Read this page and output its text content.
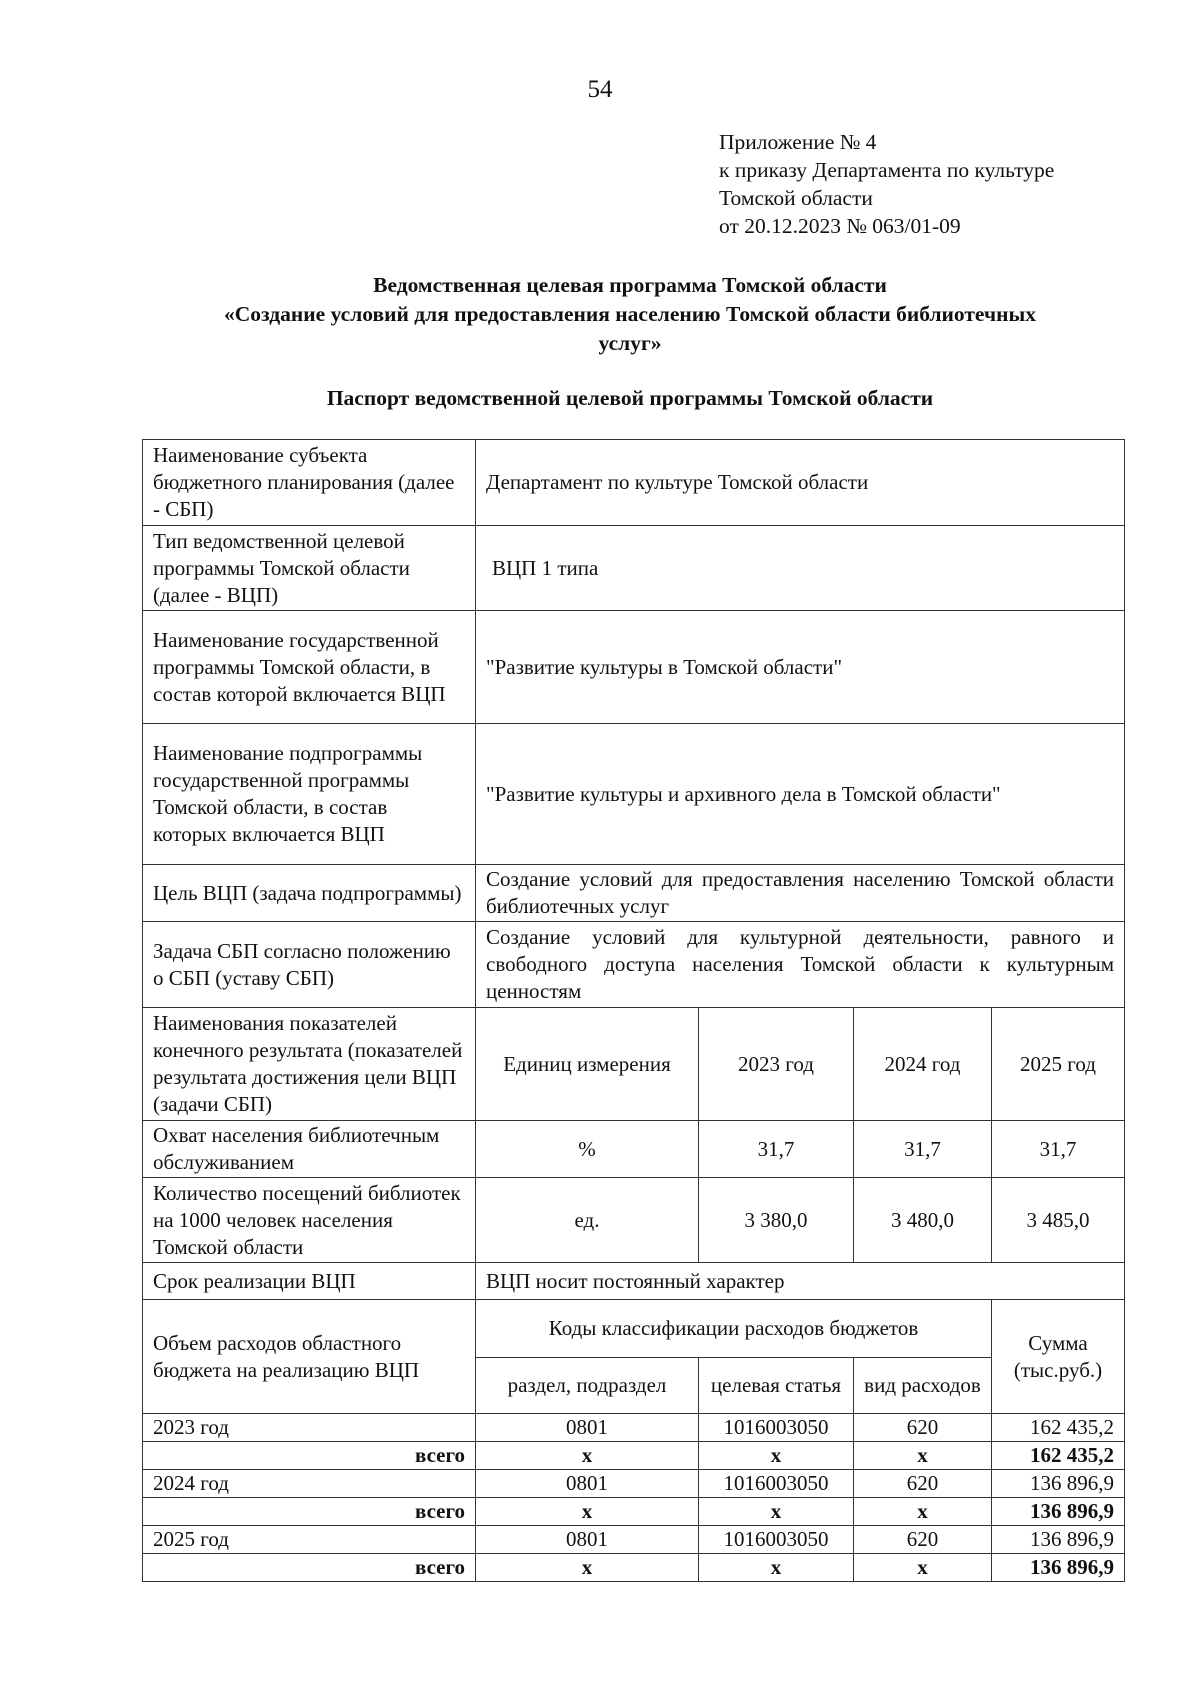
54
Приложение № 4
к приказу Департамента по культуре
Томской области
от 20.12.2023 № 063/01-09
Ведомственная целевая программа Томской области
«Создание условий для предоставления населению Томской области библиотечных
услуг»
Паспорт ведомственной целевой программы Томской области
Наименование субъекта бюджетного планирования (далее - СБП)	Департамент по культуре Томской области			
Тип ведомственной целевой программы Томской области (далее - ВЦП)	ВЦП 1 типа			
Наименование государственной программы Томской области, в состав которой включается ВЦП	"Развитие культуры в Томской области"			
Наименование подпрограммы государственной программы Томской области, в состав которых включается ВЦП	"Развитие культуры и архивного дела в Томской области"			
Цель ВЦП (задача подпрограммы)	Создание условий для предоставления населению Томской области библиотечных услуг			
Задача СБП согласно положению о СБП (уставу СБП)	Создание условий для культурной деятельности, равного и свободного доступа населения Томской области к культурным ценностям			
Наименования показателей конечного результата (показателей результата достижения цели ВЦП (задачи СБП)	Единиц измерения	2023 год	2024 год	2025 год
Охват населения библиотечным обслуживанием	%	31,7	31,7	31,7
Количество посещений библиотек на 1000 человек населения Томской области	ед.	3 380,0	3 480,0	3 485,0
Срок реализации ВЦП	ВЦП носит постоянный характер			
Объем расходов областного бюджета на реализацию ВЦП	Коды классификации расходов бюджетов			Сумма (тыс.руб.)
	раздел, подраздел	целевая статья	вид расходов	
2023 год	0801	1016003050	620	162 435,2
всего	x	x	x	162 435,2
2024 год	0801	1016003050	620	136 896,9
всего	x	x	x	136 896,9
2025 год	0801	1016003050	620	136 896,9
всего	x	x	x	136 896,9
